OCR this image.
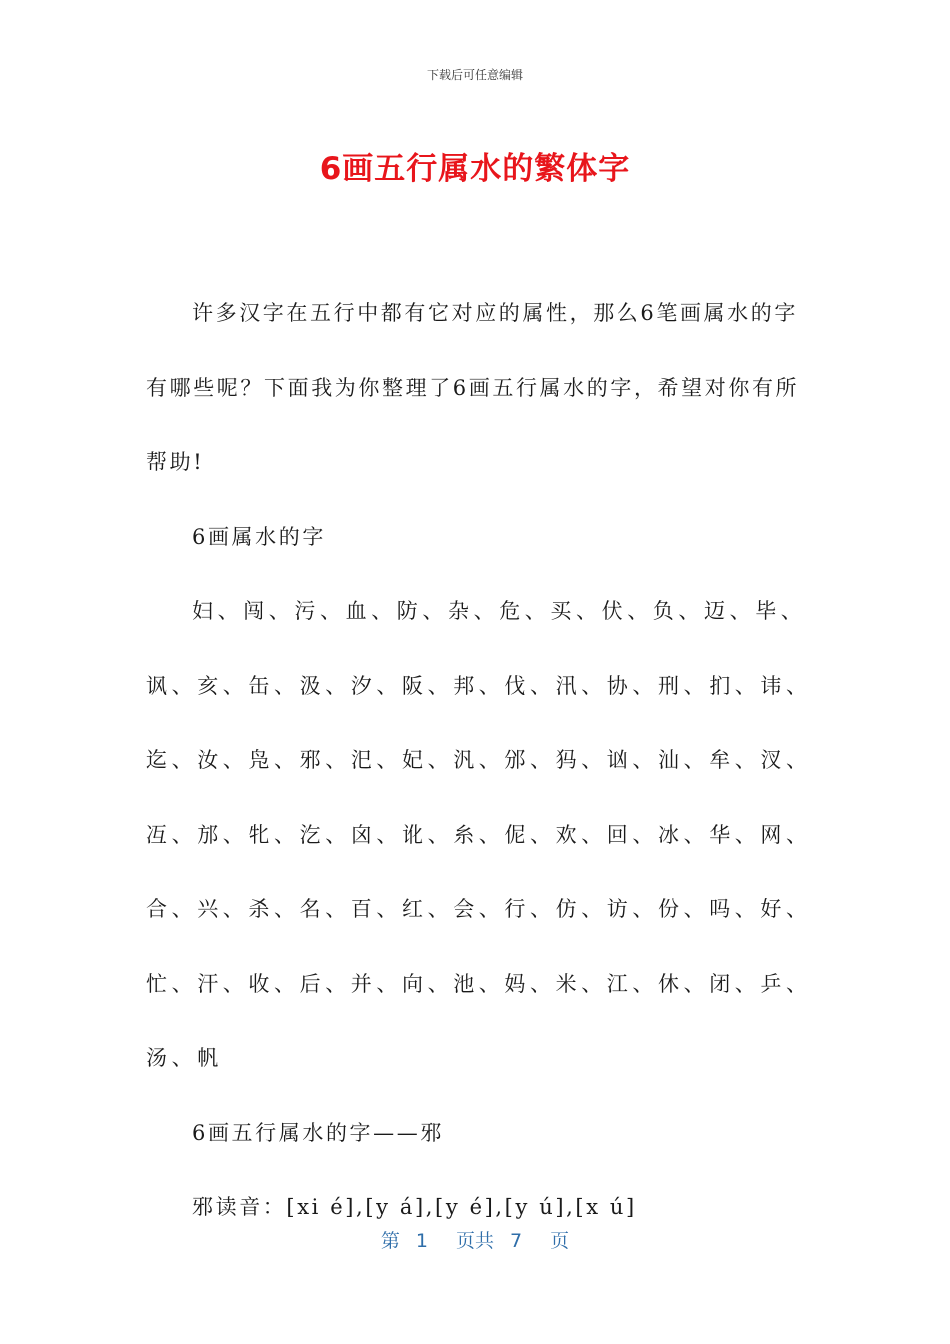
下载后可任意编辑
6画五行属水的繁体字

许多汉字在五行中都有它对应的属性，那么6笔画属水的字有哪些呢？下面我为你整理了6画五行属水的字，希望对你有所帮助!

6画属水的字

妇、闯、污、血、防、杂、危、买、伏、负、迈、毕、讽、亥、缶、汲、汐、阪、邦、伐、汛、协、刑、扪、讳、迄、汝、凫、邪、汜、妃、汎、邠、犸、讻、汕、牟、汊、冱、邡、牝、汔、囟、讹、糸、伲、欢、回、冰、华、网、合、兴、杀、名、百、红、会、行、仿、访、份、吗、好、忙、汗、收、后、并、向、池、妈、米、江、休、闭、乒、汤、帆

6画五行属水的字——邪

邪读音：[xi é],[y á],[y é],[y ú],[x ú]

第 1 页共 7 页
